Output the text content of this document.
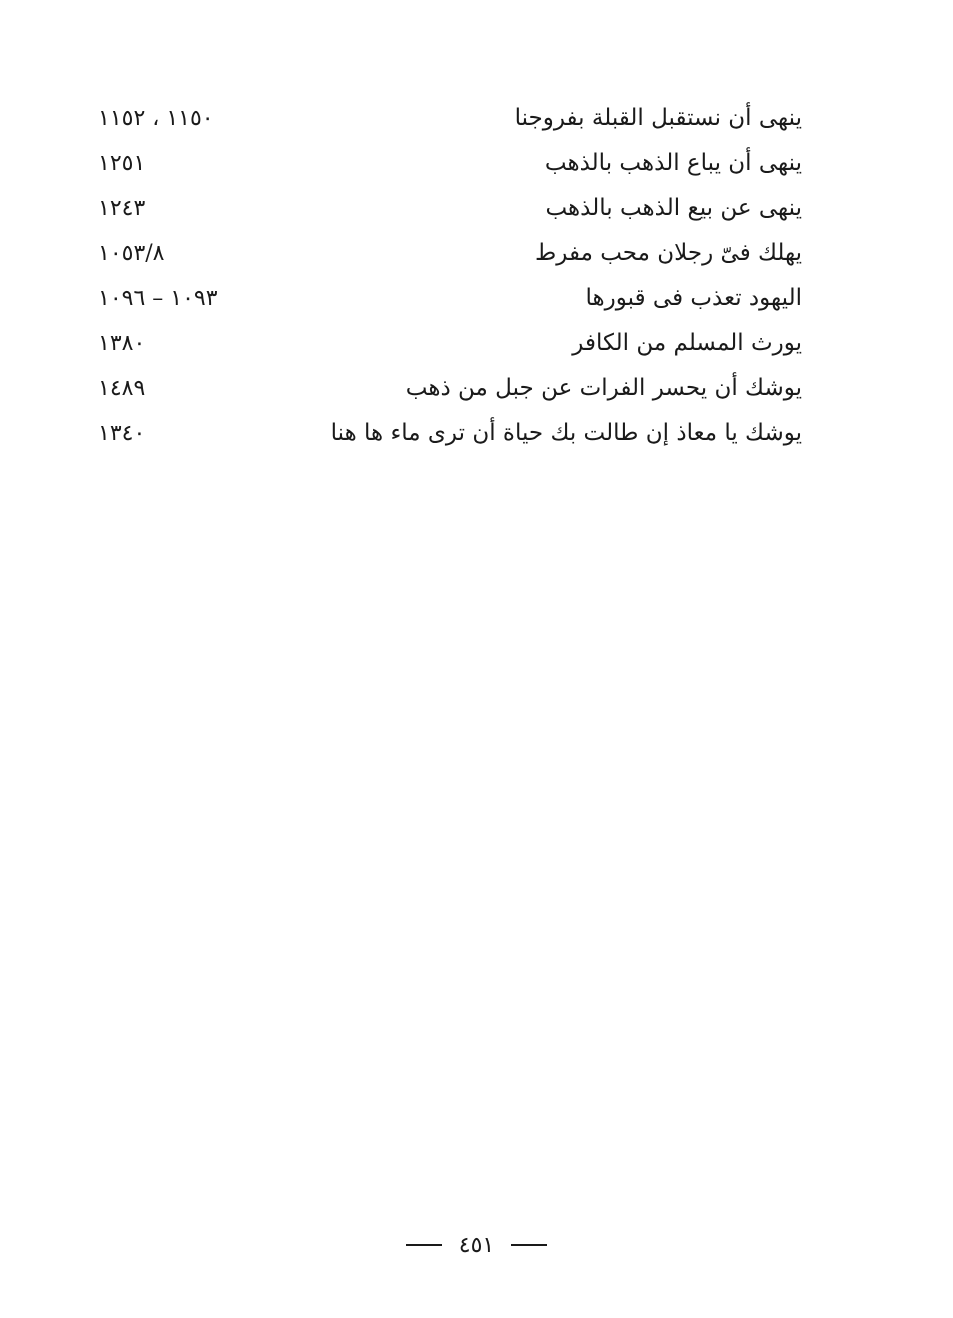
ينهى أن نستقبل القبلة بفروجنا
١١٥٠ ، ١١٥٢
ينهى أن يباع الذهب بالذهب
١٢٥١
ينهى عن بيع الذهب بالذهب
١٢٤٣
يهلك فىّ رجلان محب مفرط
١٠٥٣/٨
اليهود تعذب فى قبورها
١٠٩٣ – ١٠٩٦
يورث المسلم من الكافر
١٣٨٠
يوشك أن يحسر الفرات عن جبل من ذهب
١٤٨٩
يوشك يا معاذ إن طالت بك حياة أن ترى ماء ها هنا
١٣٤٠
٤٥١
